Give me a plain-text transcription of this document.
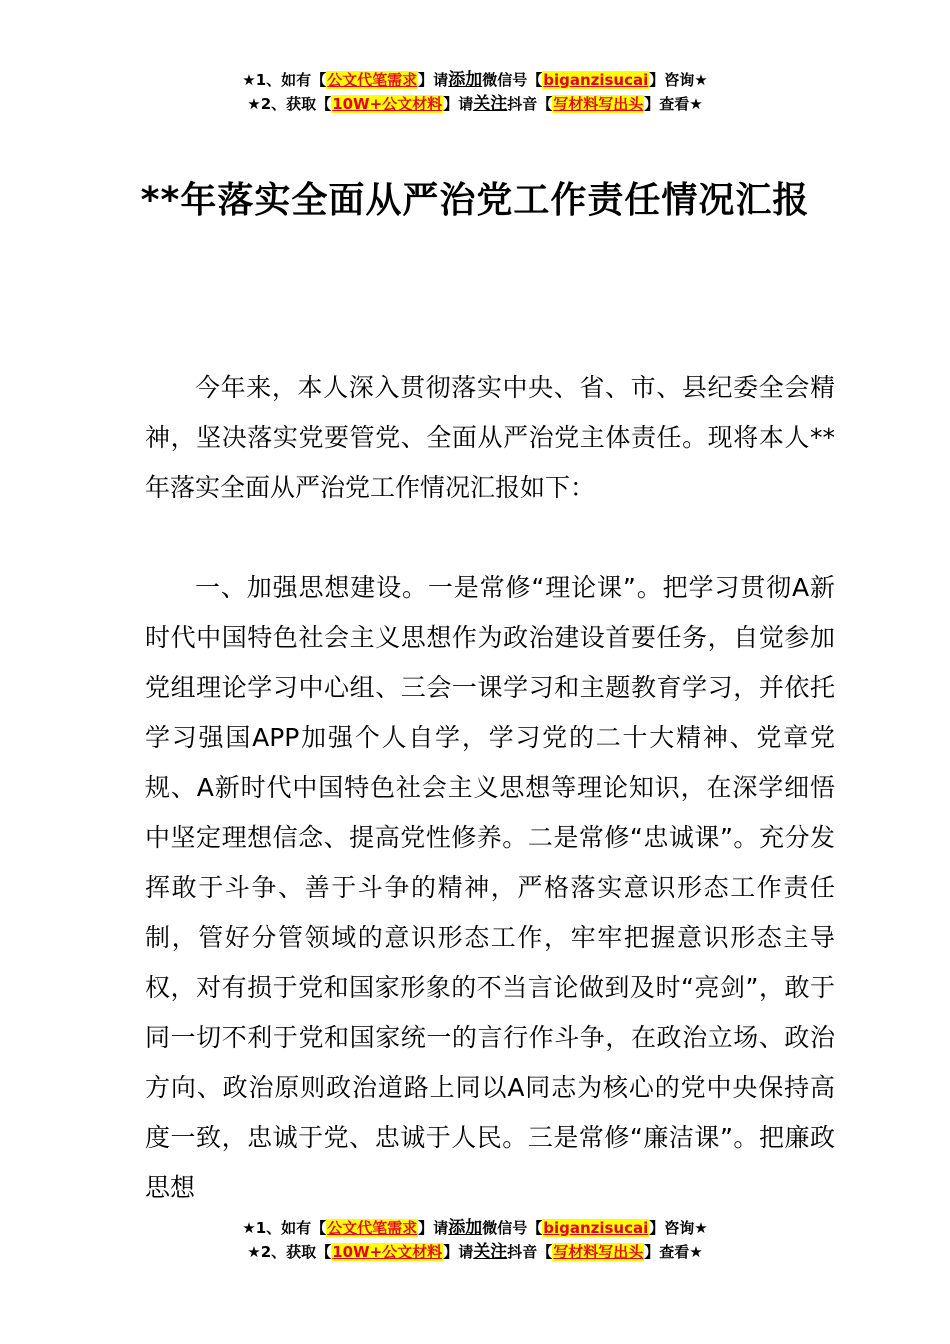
★1、如有【公文代笔需求】请添加微信号【biganzisucai】咨询★
★2、获取【10W+公文材料】请关注抖音【写材料写出头】查看★
**年落实全面从严治党工作责任情况汇报

今年来，本人深入贯彻落实中央、省、市、县纪委全会精神，坚决落实党要管党、全面从严治党主体责任。现将本人**年落实全面从严治党工作情况汇报如下：

一、加强思想建设。一是常修“理论课”。把学习贯彻A新时代中国特色社会主义思想作为政治建设首要任务，自觉参加党组理论学习中心组、三会一课学习和主题教育学习，并依托学习强国APP加强个人自学，学习党的二十大精神、党章党规、A新时代中国特色社会主义思想等理论知识，在深学细悟中坚定理想信念、提高党性修养。二是常修“忠诚课”。充分发挥敢于斗争、善于斗争的精神，严格落实意识形态工作责任制，管好分管领域的意识形态工作，牢牢把握意识形态主导权，对有损于党和国家形象的不当言论做到及时“亮剑”，敢于同一切不利于党和国家统一的言行作斗争，在政治立场、政治方向、政治原则政治道路上同以A同志为核心的党中央保持高度一致，忠诚于党、忠诚于人民。三是常修“廉洁课”。把廉政思想

★1、如有【公文代笔需求】请添加微信号【biganzisucai】咨询★
★2、获取【10W+公文材料】请关注抖音【写材料写出头】查看★
